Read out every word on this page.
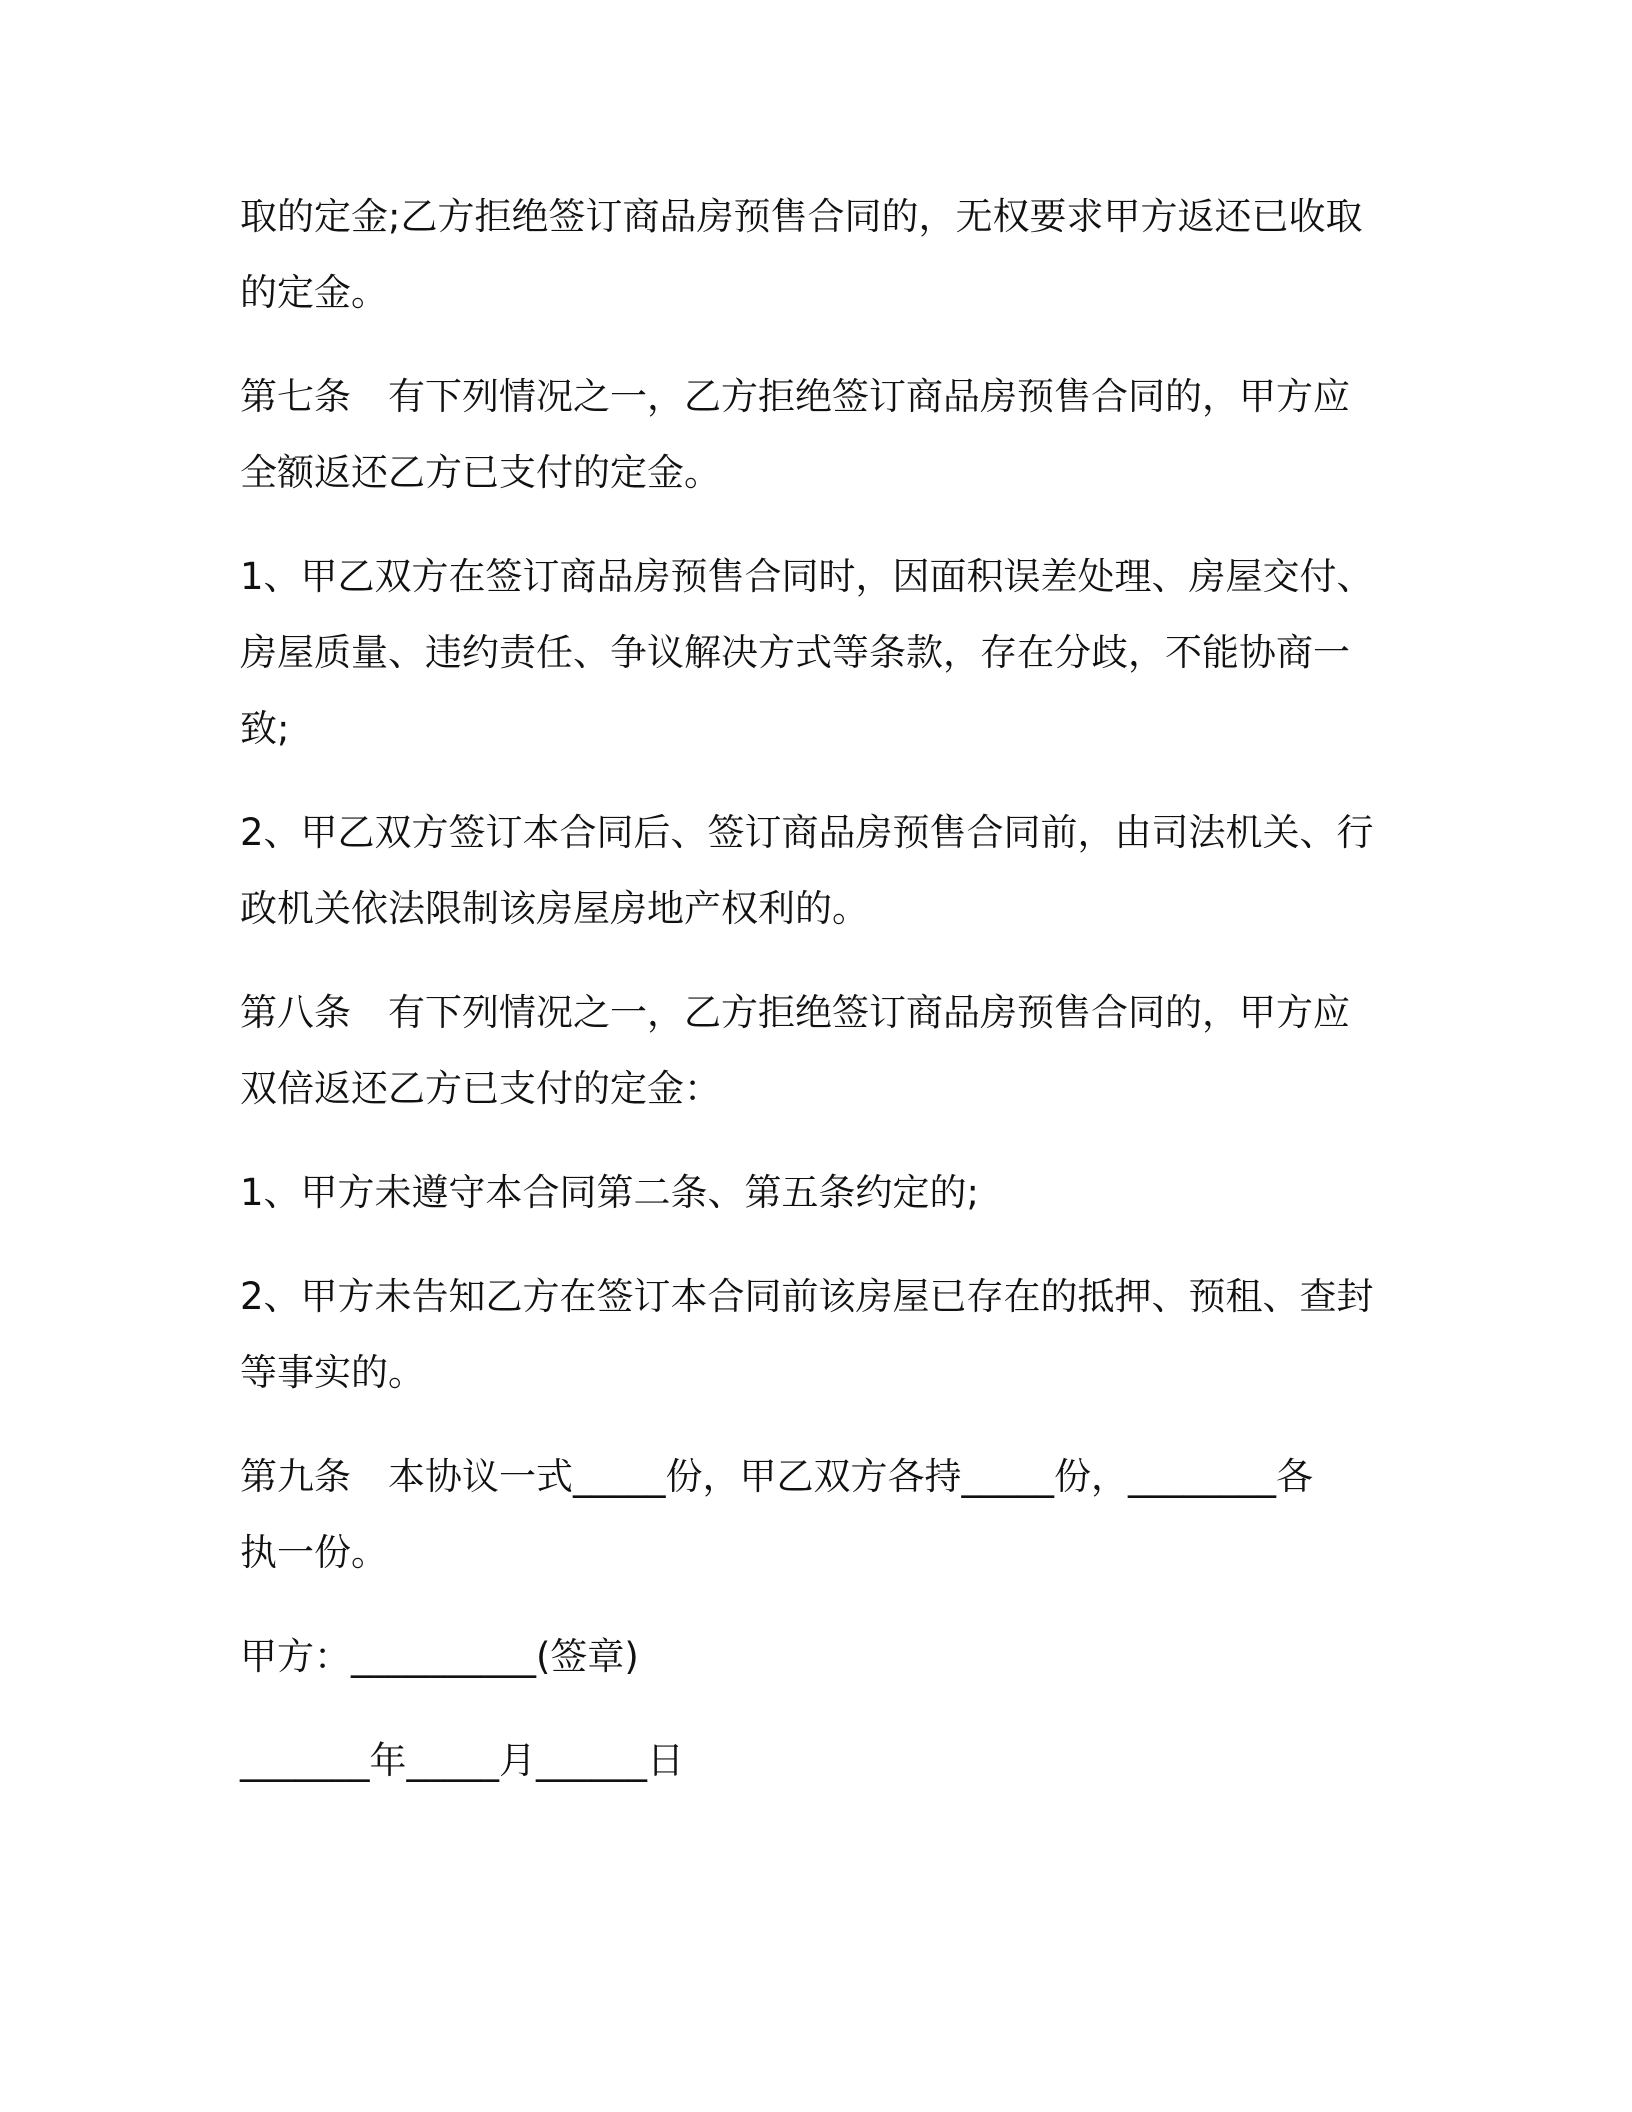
取的定金;乙方拒绝签订商品房预售合同的，无权要求甲方返还已收取
的定金。
第七条　有下列情况之一，乙方拒绝签订商品房预售合同的，甲方应
全额返还乙方已支付的定金。
1、甲乙双方在签订商品房预售合同时，因面积误差处理、房屋交付、
房屋质量、违约责任、争议解决方式等条款，存在分歧，不能协商一
致;
2、甲乙双方签订本合同后、签订商品房预售合同前，由司法机关、行
政机关依法限制该房屋房地产权利的。
第八条　有下列情况之一，乙方拒绝签订商品房预售合同的，甲方应
双倍返还乙方已支付的定金：
1、甲方未遵守本合同第二条、第五条约定的;
2、甲方未告知乙方在签订本合同前该房屋已存在的抵押、预租、查封
等事实的。
第九条　本协议一式_____份，甲乙双方各持_____份，________各
执一份。
甲方：__________(签章)
_______年_____月______日
